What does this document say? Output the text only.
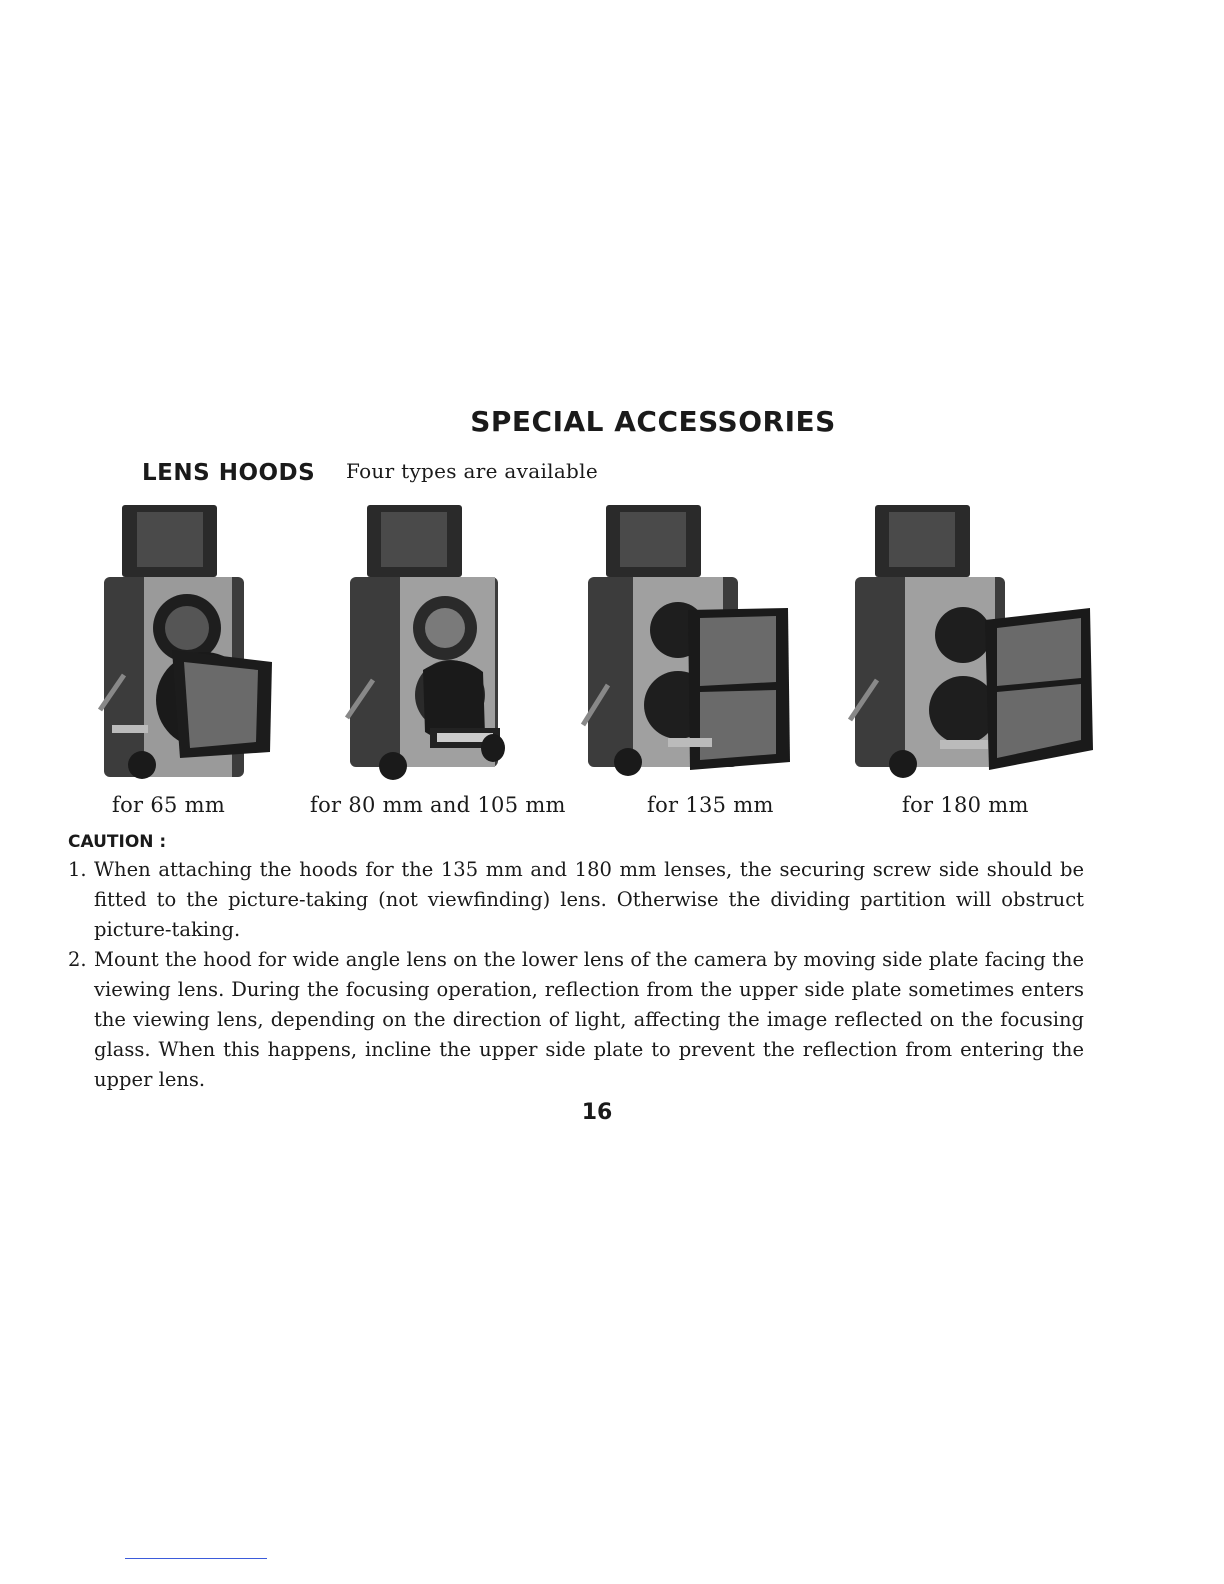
SPECIAL ACCESSORIES
LENS HOODS Four types are available
for 65 mm	for 80 mm and 105 mm	for 135 mm	for 180 mm
CAUTION :
1. When attaching the hoods for the 135 mm and 180 mm lenses, the securing screw side should be fitted to the picture-taking (not viewfinding) lens. Otherwise the dividing partition will obstruct picture-taking.
2. Mount the hood for wide angle lens on the lower lens of the camera by moving side plate facing the viewing lens. During the focusing operation, reflection from the upper side plate sometimes enters the viewing lens, depending on the direction of light, affecting the image reflected on the focusing glass. When this happens, incline the upper side plate to prevent the reflection from entering the upper lens.
16
